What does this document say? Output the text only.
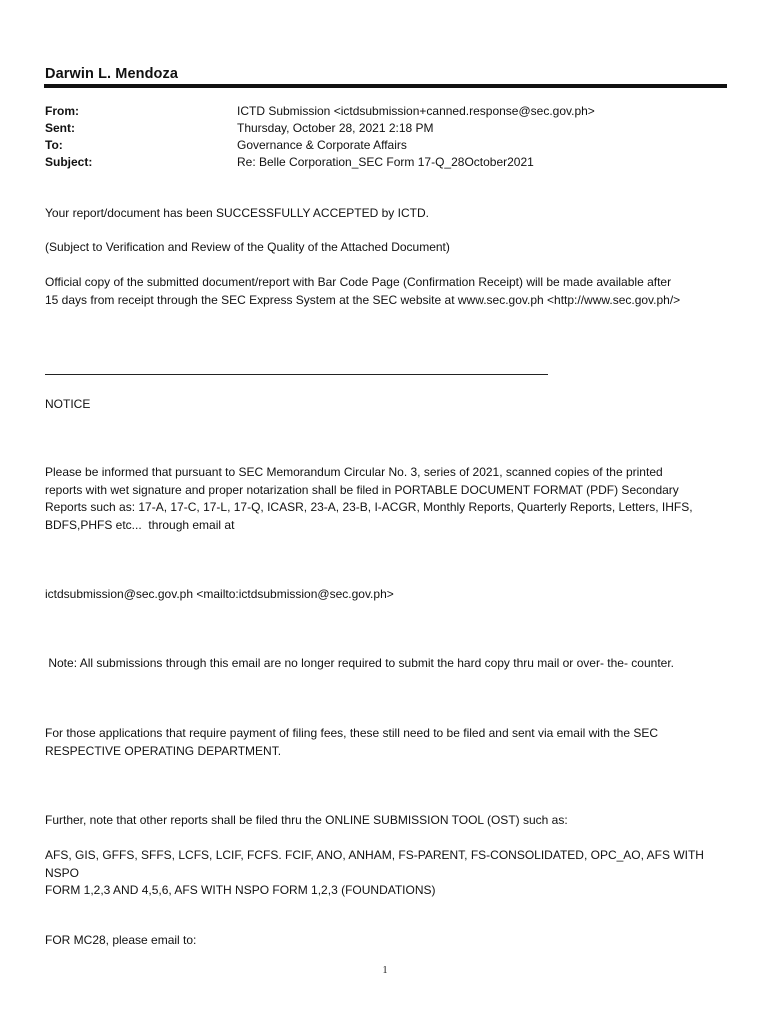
Darwin L. Mendoza
From:	ICTD Submission <ictdsubmission+canned.response@sec.gov.ph>
Sent:	Thursday, October 28, 2021 2:18 PM
To:	Governance & Corporate Affairs
Subject:	Re: Belle Corporation_SEC Form 17-Q_28October2021
Your report/document has been SUCCESSFULLY ACCEPTED by ICTD.
(Subject to Verification and Review of the Quality of the Attached Document)
Official copy of the submitted document/report with Bar Code Page (Confirmation Receipt) will be made available after
15 days from receipt through the SEC Express System at the SEC website at www.sec.gov.ph <http://www.sec.gov.ph/>
NOTICE
Please be informed that pursuant to SEC Memorandum Circular No. 3, series of 2021, scanned copies of the printed
reports with wet signature and proper notarization shall be filed in PORTABLE DOCUMENT FORMAT (PDF) Secondary
Reports such as: 17-A, 17-C, 17-L, 17-Q, ICASR, 23-A, 23-B, I-ACGR, Monthly Reports, Quarterly Reports, Letters, IHFS,
BDFS,PHFS etc...  through email at
ictdsubmission@sec.gov.ph <mailto:ictdsubmission@sec.gov.ph>
Note: All submissions through this email are no longer required to submit the hard copy thru mail or over- the- counter.
For those applications that require payment of filing fees, these still need to be filed and sent via email with the SEC
RESPECTIVE OPERATING DEPARTMENT.
Further, note that other reports shall be filed thru the ONLINE SUBMISSION TOOL (OST) such as:
AFS, GIS, GFFS, SFFS, LCFS, LCIF, FCFS. FCIF, ANO, ANHAM, FS-PARENT, FS-CONSOLIDATED, OPC_AO, AFS WITH NSPO
FORM 1,2,3 AND 4,5,6, AFS WITH NSPO FORM 1,2,3 (FOUNDATIONS)
FOR MC28, please email to:
1
